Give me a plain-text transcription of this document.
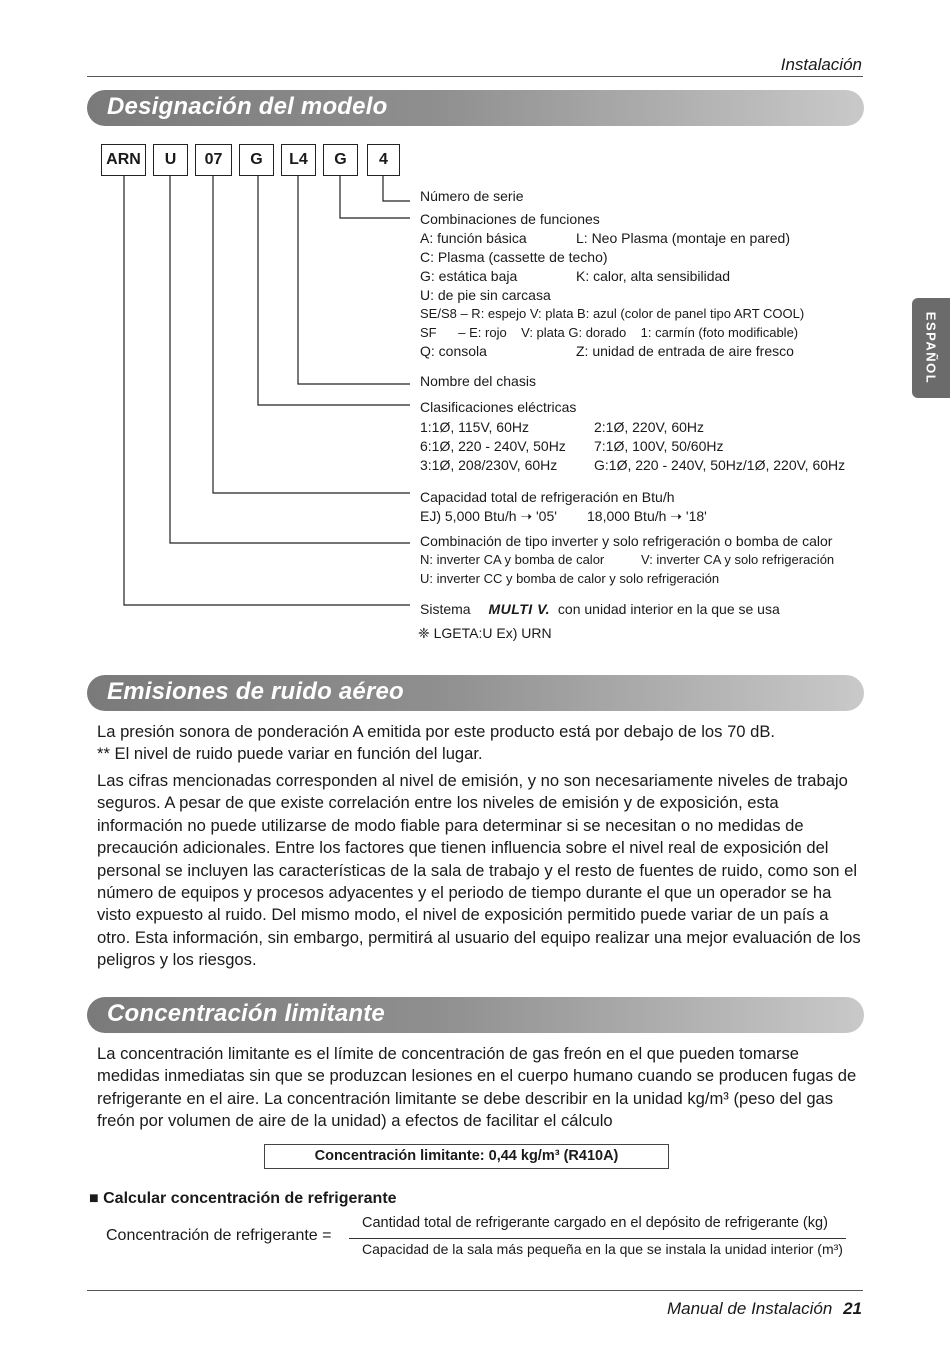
Instalación
ESPAÑOL
Designación del modelo
ARN	U	07	G	L4	G	4
Número de serie
Combinaciones de funciones
A: función básica	L: Neo Plasma (montaje en pared)
C: Plasma (cassette de techo)
G: estática baja	K: calor, alta sensibilidad
U: de pie sin carcasa
SE/S8 – R: espejo V: plata B: azul (color de panel tipo ART COOL)
SF      – E: rojo    V: plata G: dorado    1: carmín (foto modificable)
Q: consola	Z: unidad de entrada de aire fresco
Nombre del chasis
Clasificaciones eléctricas
1:1Ø, 115V, 60Hz	2:1Ø, 220V, 60Hz
6:1Ø, 220 - 240V, 50Hz 7:1Ø, 100V, 50/60Hz
3:1Ø, 208/230V, 60Hz	G:1Ø, 220 - 240V, 50Hz/1Ø, 220V, 60Hz
Capacidad total de refrigeración en Btu/h
EJ) 5,000 Btu/h ➝ '05' 18,000 Btu/h ➝ '18'
Combinación de tipo inverter y solo refrigeración o bomba de calor
N: inverter CA y bomba de calor	V: inverter CA y solo refrigeración
U: inverter CC y bomba de calor y solo refrigeración
Sistema MULTI V. con unidad interior en la que se usa
❈ LGETA:U Ex) URN
Emisiones de ruido aéreo
La presión sonora de ponderación A emitida por este producto está por debajo de los 70 dB.
** El nivel de ruido puede variar en función del lugar.
Las cifras mencionadas corresponden al nivel de emisión, y no son necesariamente niveles de trabajo seguros. A pesar de que existe correlación entre los niveles de emisión y de exposición, esta información no puede utilizarse de modo fiable para determinar si se necesitan o no medidas de precaución adicionales. Entre los factores que tienen influencia sobre el nivel real de exposición del personal se incluyen las características de la sala de trabajo y el resto de fuentes de ruido, como son el número de equipos y procesos adyacentes y el periodo de tiempo durante el que un operador se ha visto expuesto al ruido. Del mismo modo, el nivel de exposición permitido puede variar de un país a otro. Esta información, sin embargo, permitirá al usuario del equipo realizar una mejor evaluación de los peligros y los riesgos.
Concentración limitante
La concentración limitante es el límite de concentración de gas freón en el que pueden tomarse medidas inmediatas sin que se produzcan lesiones en el cuerpo humano cuando se producen fugas de refrigerante en el aire. La concentración limitante se debe describir en la unidad kg/m³ (peso del gas freón por volumen de aire de la unidad) a efectos de facilitar el cálculo
Concentración limitante: 0,44 kg/m³ (R410A)
■ Calcular concentración de refrigerante
Concentración de refrigerante =
Cantidad total de refrigerante cargado en el depósito de refrigerante (kg)
Capacidad de la sala más pequeña en la que se instala la unidad interior (m³)
Manual de Instalación 21
